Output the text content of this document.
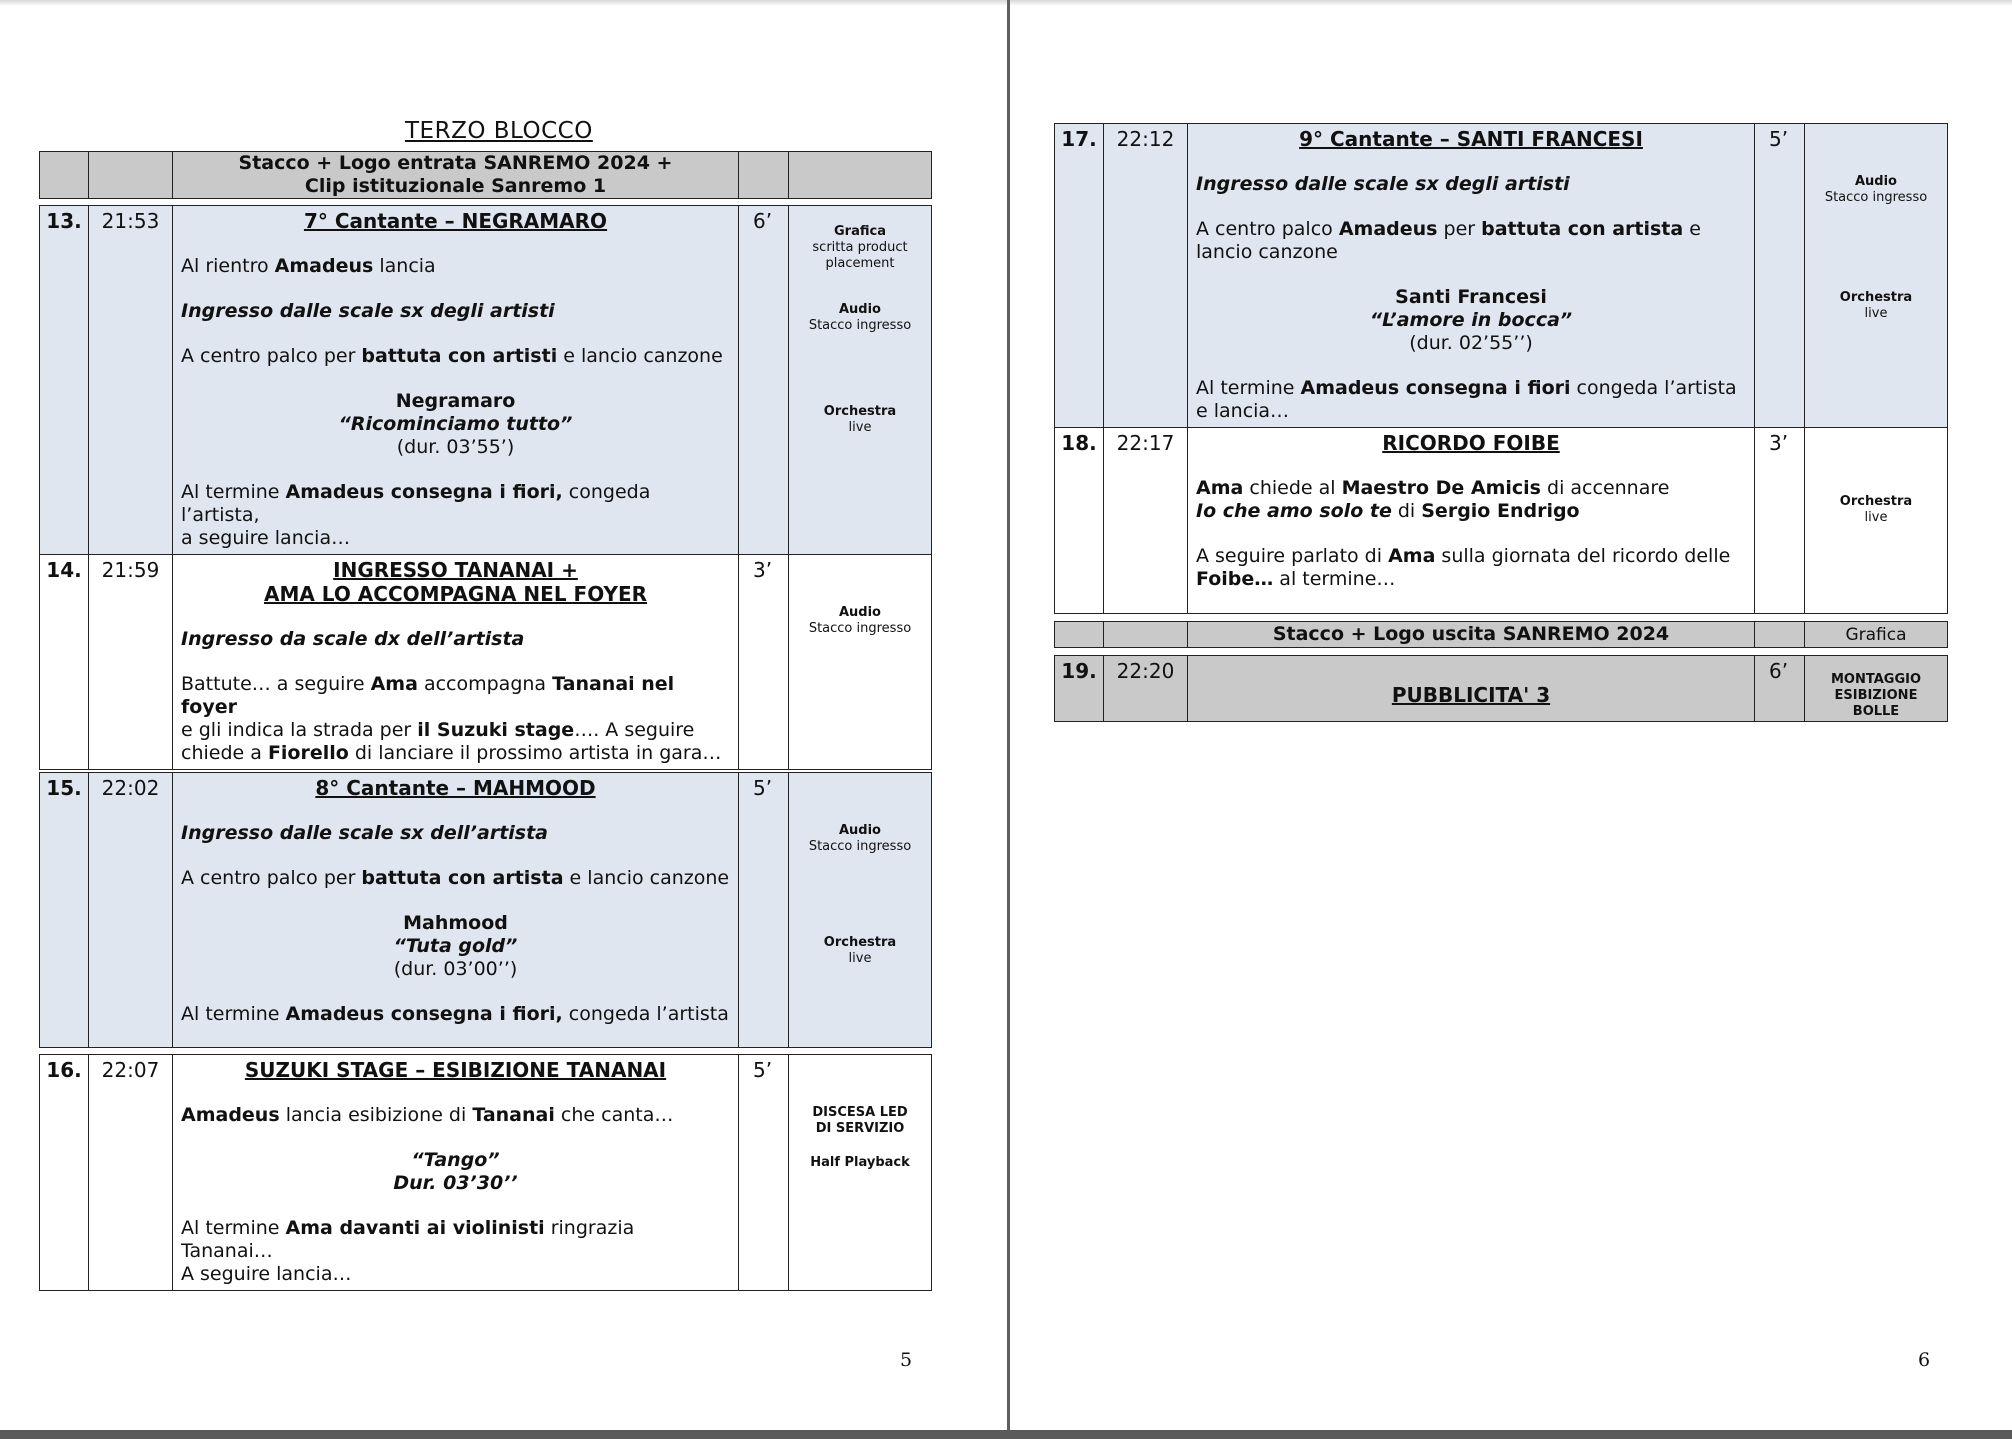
TERZO BLOCCO

Stacco + Logo entrata SANREMO 2024 +
Clip istituzionale Sanremo 1

13.	21:53	7° Cantante – NEGRAMARO
Al rientro Amadeus lancia
Ingresso dalle scale sx degli artisti
A centro palco per battuta con artisti e lancio canzone
Negramaro
“Ricominciamo tutto”
(dur. 03’55’)
Al termine Amadeus consegna i fiori, congeda l’artista,
a seguire lancia…
	6’	Grafica
scritta product
placement
Audio
Stacco ingresso
Orchestra
live
14.	21:59	INGRESSO TANANAI +
AMA LO ACCOMPAGNA NEL FOYER
Ingresso da scale dx dell’artista
Battute… a seguire Ama accompagna Tananai nel foyer
e gli indica la strada per il Suzuki stage…. A seguire
chiede a Fiorello di lanciare il prossimo artista in gara…
	3’	
Audio
Stacco ingresso
15.	22:02	8° Cantante – MAHMOOD
Ingresso dalle scale sx dell’artista
A centro palco per battuta con artista e lancio canzone
Mahmood
“Tuta gold”
(dur. 03’00’’)
Al termine Amadeus consegna i fiori, congeda l’artista
	5’	
Audio
Stacco ingresso
Orchestra
live
16.	22:07	SUZUKI STAGE – ESIBIZIONE TANANAI
Amadeus lancia esibizione di Tananai che canta…
“Tango”
Dur. 03’30’’
Al termine Ama davanti ai violinisti ringrazia Tananai…
A seguire lancia…
	5’	
DISCESA LED
DI SERVIZIO
Half Playback
5
17.	22:12	9° Cantante – SANTI FRANCESI
Ingresso dalle scale sx degli artisti
A centro palco Amadeus per battuta con artista e
lancio canzone
Santi Francesi
“L’amore in bocca”
(dur. 02’55’’)
Al termine Amadeus consegna i fiori congeda l’artista
e lancia…
	5’	
Audio
Stacco ingresso
Orchestra
live
18.	22:17	RICORDO FOIBE
Ama chiede al Maestro De Amicis di accennare
Io che amo solo te di Sergio Endrigo
A seguire parlato di Ama sulla giornata del ricordo delle
Foibe… al termine…
	3’	
Orchestra
live
		Stacco + Logo uscita SANREMO 2024		Grafica
19.	22:20	
PUBBLICITA' 3
	6’	MONTAGGIO
ESIBIZIONE
BOLLE
6
